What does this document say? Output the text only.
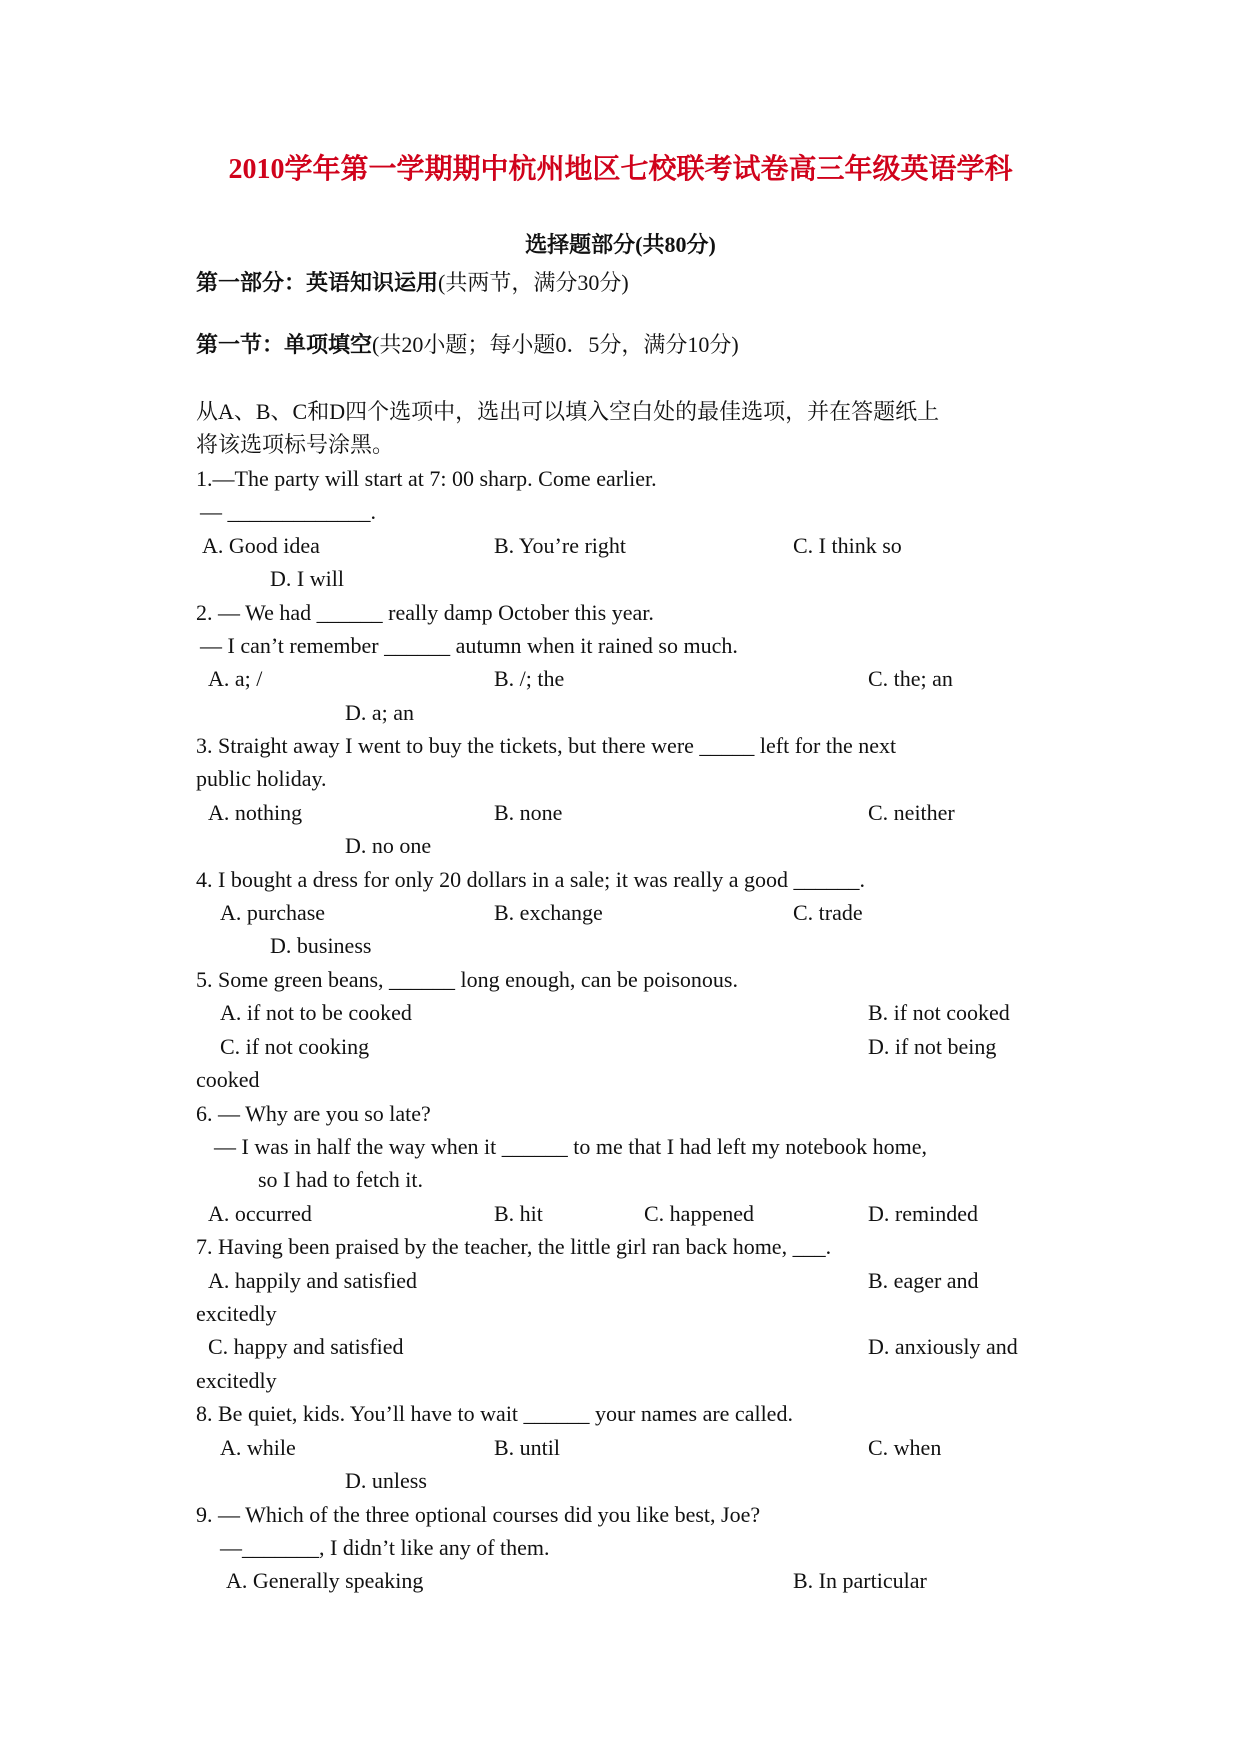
2010学年第一学期期中杭州地区七校联考试卷高三年级英语学科
选择题部分(共80分)
第一部分：英语知识运用(共两节，满分30分)
第一节：单项填空(共20小题；每小题0．5分，满分10分)
从A、B、C和D四个选项中，选出可以填入空白处的最佳选项，并在答题纸上
将该选项标号涂黑。
1.—The party will start at 7: 00 sharp. Come earlier.
— _____________.
A. Good idea	B. You’re right	C. I think so
D. I will
2. — We had ______ really damp October this year.
— I can’t remember ______ autumn when it rained so much.
A. a; /	B. /; the	C. the; an
D. a; an
3. Straight away I went to buy the tickets, but there were _____ left for the next
public holiday.
A. nothing	B. none	C. neither
D. no one
4. I bought a dress for only 20 dollars in a sale; it was really a good ______.
A. purchase	B. exchange	C. trade
D. business
5. Some green beans, ______ long enough, can be poisonous.
A. if not to be cooked	B. if not cooked
C. if not cooking	D. if not being
cooked
6. — Why are you so late?
— I was in half the way when it ______ to me that I had left my notebook home,
so I had to fetch it.
A. occurred	B. hit	C. happened	D. reminded
7. Having been praised by the teacher, the little girl ran back home, ___.
A. happily and satisfied	B. eager and
excitedly
C. happy and satisfied	D. anxiously and
excitedly
8. Be quiet, kids. You’ll have to wait ______ your names are called.
A. while	B. until	C. when
D. unless
9. — Which of the three optional courses did you like best, Joe?
—_______, I didn’t like any of them.
A. Generally speaking	B. In particular
